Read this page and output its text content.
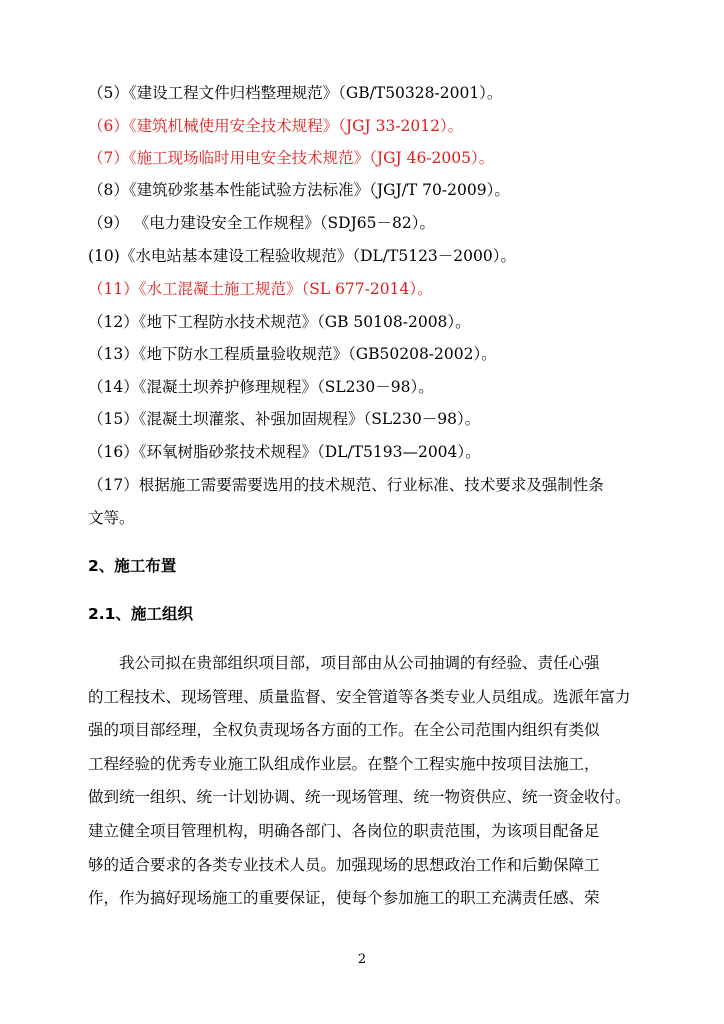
（5）《建设工程文件归档整理规范》（GB/T50328-2001）。
（6）《建筑机械使用安全技术规程》（JGJ 33-2012）。
（7）《施工现场临时用电安全技术规范》（JGJ 46-2005）。
（8）《建筑砂浆基本性能试验方法标准》（JGJ/T 70-2009）。
（9） 《电力建设安全工作规程》（SDJ65－82）。
(10)《水电站基本建设工程验收规范》（DL/T5123－2000）。
（11）《水工混凝土施工规范》（SL 677-2014）。
（12）《地下工程防水技术规范》（GB 50108-2008）。
（13）《地下防水工程质量验收规范》（GB50208-2002）。
（14）《混凝土坝养护修理规程》（SL230－98）。
（15）《混凝土坝灌浆、补强加固规程》（SL230－98）。
（16）《环氧树脂砂浆技术规程》（DL/T5193—2004）。
（17）根据施工需要需要选用的技术规范、行业标准、技术要求及强制性条
文等。
2、施工布置
2.1、施工组织
　　我公司拟在贵部组织项目部，项目部由从公司抽调的有经验、责任心强
的工程技术、现场管理、质量监督、安全管道等各类专业人员组成。选派年富力
强的项目部经理，全权负责现场各方面的工作。在全公司范围内组织有类似
工程经验的优秀专业施工队组成作业层。在整个工程实施中按项目法施工，
做到统一组织、统一计划协调、统一现场管理、统一物资供应、统一资金收付。
建立健全项目管理机构，明确各部门、各岗位的职责范围，为该项目配备足
够的适合要求的各类专业技术人员。加强现场的思想政治工作和后勤保障工
作，作为搞好现场施工的重要保证，使每个参加施工的职工充满责任感、荣
2
